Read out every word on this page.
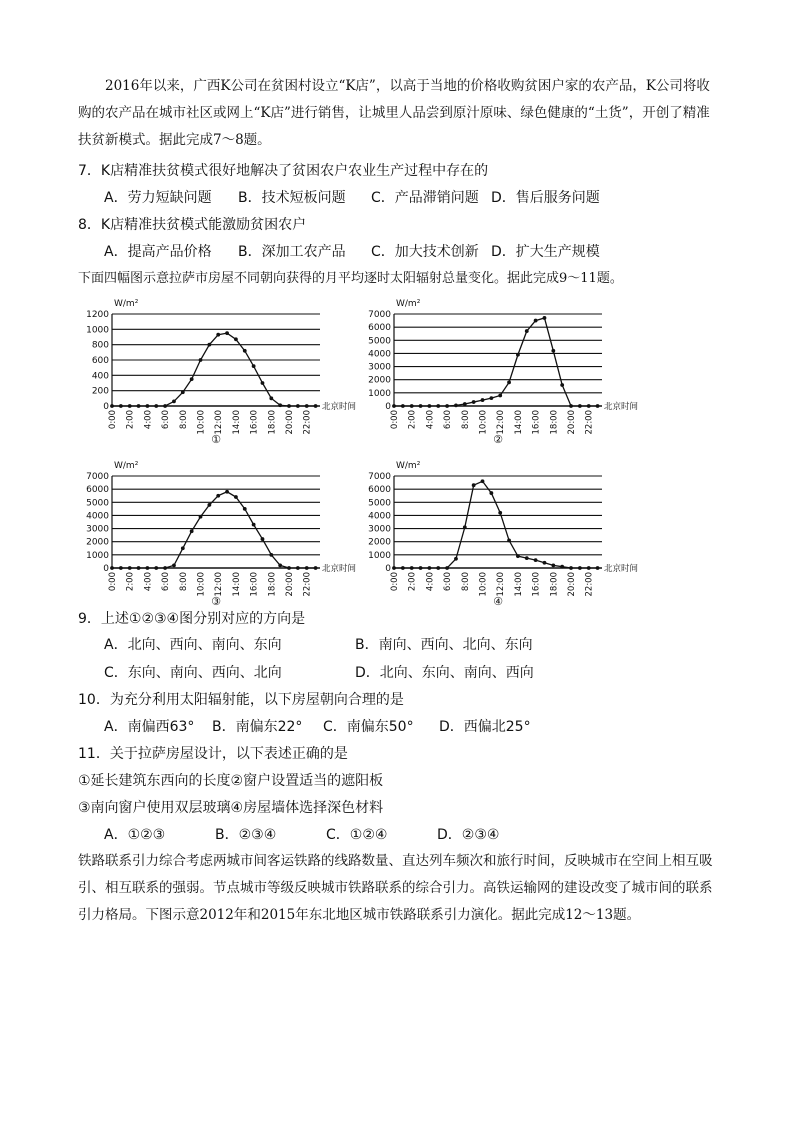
2016年以来，广西K公司在贫困村设立“K店”，以高于当地的价格收购贫困户家的农产品，K公司将收购的农产品在城市社区或网上“K店”进行销售，让城里人品尝到原汁原味、绿色健康的“土货”，开创了精准扶贫新模式。据此完成7～8题。

7．K店精准扶贫模式很好地解决了贫困农户农业生产过程中存在的
A．劳力短缺问题 B．技术短板问题 C．产品滞销问题 D．售后服务问题
8．K店精准扶贫模式能激励贫困农户
A．提高产品价格 B．深加工农产品 C．加大技术创新 D．扩大生产规模

下面四幅图示意拉萨市房屋不同朝向获得的月平均逐时太阳辐射总量变化。据此完成9～11题。

W/m²
0
200
400
600
800
1000
1200
0:00 2:00 4:00 6:00 8:00 10:00 12:00 14:00 16:00 18:00 20:00 22:00
北京时间
①
W/m²
0
1000
2000
3000
4000
5000
6000
7000
0:00 2:00 4:00 6:00 8:00 10:00 12:00 14:00 16:00 18:00 20:00 22:00
北京时间
②
W/m²
0
1000
2000
3000
4000
5000
6000
7000
0:00 2:00 4:00 6:00 8:00 10:00 12:00 14:00 16:00 18:00 20:00 22:00
北京时间
③
W/m²
0
1000
2000
3000
4000
5000
6000
7000
0:00 2:00 4:00 6:00 8:00 10:00 12:00 14:00 16:00 18:00 20:00 22:00
北京时间
④
9．上述①②③④图分别对应的方向是
A．北向、西向、南向、东向	B．南向、西向、北向、东向
C．东向、南向、西向、北向	D．北向、东向、南向、西向
10．为充分利用太阳辐射能，以下房屋朝向合理的是
A．南偏西63° B．南偏东22° C．南偏东50° D．西偏北25°
11．关于拉萨房屋设计，以下表述正确的是
①延长建筑东西向的长度②窗户设置适当的遮阳板
③南向窗户使用双层玻璃④房屋墙体选择深色材料
A．①②③	B．②③④	C．①②④	D．②③④

铁路联系引力综合考虑两城市间客运铁路的线路数量、直达列车频次和旅行时间，反映城市在空间上相互吸引、相互联系的强弱。节点城市等级反映城市铁路联系的综合引力。高铁运输网的建设改变了城市间的联系引力格局。下图示意2012年和2015年东北地区城市铁路联系引力演化。据此完成12～13题。
